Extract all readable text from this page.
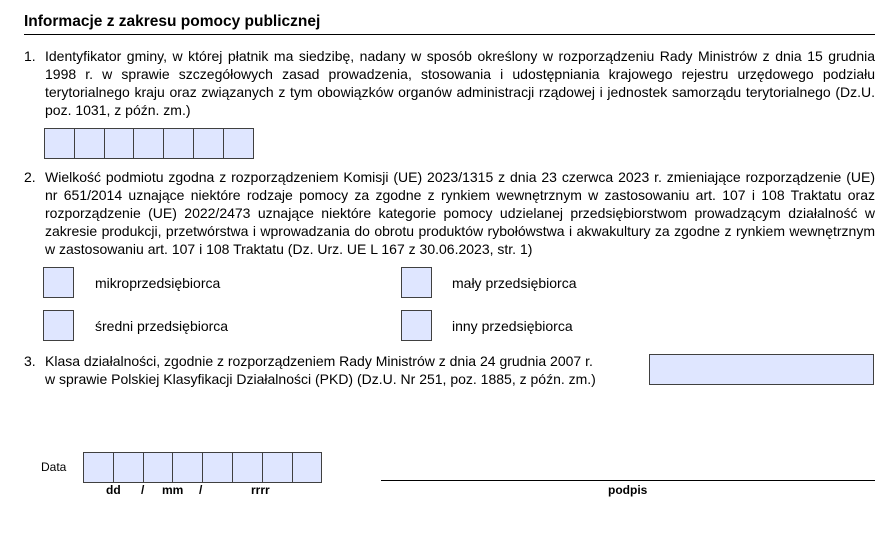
Informacje z zakresu pomocy publicznej
1. Identyfikator gminy, w której płatnik ma siedzibę, nadany w sposób określony w rozporządzeniu Rady Ministrów z dnia 15 grudnia 1998 r. w sprawie szczegółowych zasad prowadzenia, stosowania i udostępniania krajowego rejestru urzędowego podziału terytorialnego kraju oraz związanych z tym obowiązków organów administracji rządowej i jednostek samorządu terytorialnego (Dz.U. poz. 1031, z późn. zm.)
2. Wielkość podmiotu zgodna z rozporządzeniem Komisji (UE) 2023/1315 z dnia 23 czerwca 2023 r. zmieniające rozporządzenie (UE) nr 651/2014 uznające niektóre rodzaje pomocy za zgodne z rynkiem wewnętrznym w zastosowaniu art. 107 i 108 Traktatu oraz rozporządzenie (UE) 2022/2473 uznające niektóre kategorie pomocy udzielanej przedsiębiorstwom prowadzącym działalność w zakresie produkcji, przetwórstwa i wprowadzania do obrotu produktów rybołówstwa i akwakultury za zgodne z rynkiem wewnętrznym w zastosowaniu art. 107 i 108 Traktatu (Dz. Urz. UE L 167 z 30.06.2023, str. 1)
mikroprzedsiębiorca	mały przedsiębiorca
średni przedsiębiorca	inny przedsiębiorca
3. Klasa działalności, zgodnie z rozporządzeniem Rady Ministrów z dnia 24 grudnia 2007 r.
w sprawie Polskiej Klasyfikacji Działalności (PKD) (Dz.U. Nr 251, poz. 1885, z późn. zm.)
Data
dd / mm /	rrrr	podpis
